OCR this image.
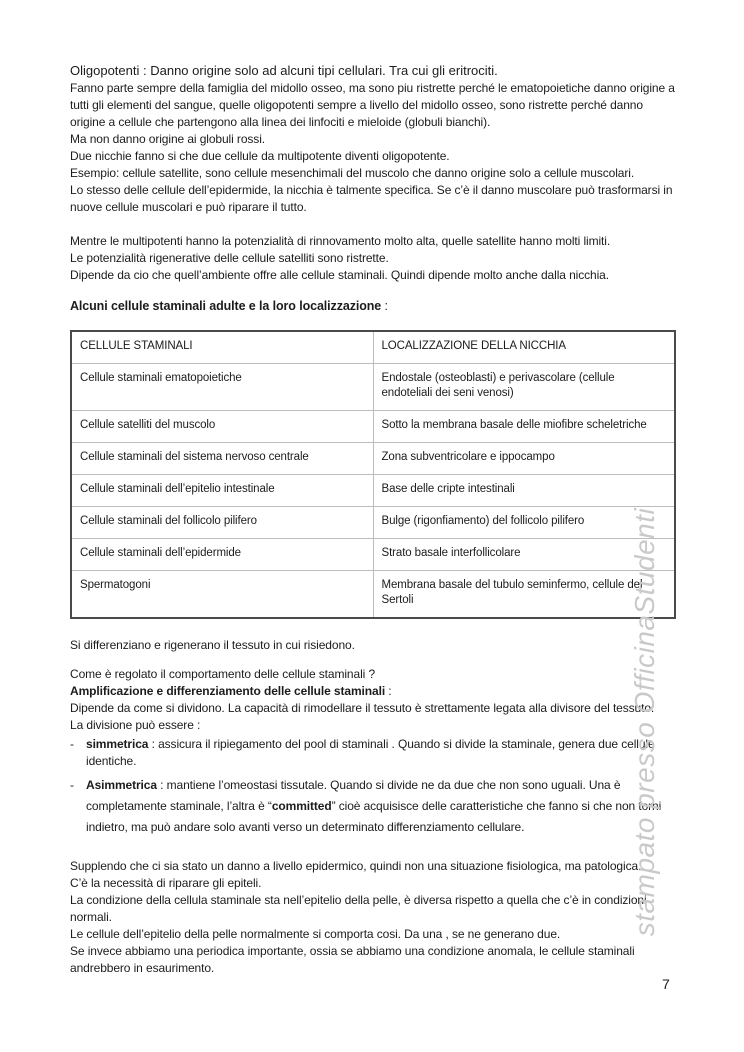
Oligopotenti : Danno origine solo ad alcuni tipi cellulari. Tra cui gli eritrociti.
Fanno parte sempre della famiglia del midollo osseo, ma sono piu ristrette perché le ematopoietiche danno origine a tutti gli elementi del sangue, quelle oligopotenti sempre a livello del midollo osseo, sono ristrette perché danno origine a cellule che partengono alla linea dei linfociti e mieloide (globuli bianchi).
Ma non danno origine ai globuli rossi.
Due nicchie fanno si che due cellule da multipotente diventi oligopotente.
Esempio: cellule satellite, sono cellule mesenchimali del muscolo che danno origine solo a cellule muscolari.
Lo stesso delle cellule dell’epidermide, la nicchia è talmente specifica. Se c’è il danno muscolare può trasformarsi in nuove cellule muscolari e può riparare il tutto.
Mentre le multipotenti hanno la potenzialità di rinnovamento molto alta, quelle satellite hanno molti limiti.
Le potenzialità rigenerative delle cellule satelliti sono ristrette.
Dipende da cio che quell’ambiente offre alle cellule staminali. Quindi dipende molto anche dalla nicchia.
Alcuni cellule staminali adulte e la loro localizzazione :
CELLULE STAMINALI	LOCALIZZAZIONE DELLA NICCHIA
Cellule staminali ematopoietiche	Endostale (osteoblasti) e perivascolare (cellule endoteliali dei seni venosi)
Cellule satelliti del muscolo	Sotto la membrana basale delle miofibre scheletriche
Cellule staminali del sistema nervoso centrale	Zona subventricolare e ippocampo
Cellule staminali dell’epitelio intestinale	Base delle cripte intestinali
Cellule staminali del follicolo pilifero	Bulge (rigonfiamento) del follicolo pilifero
Cellule staminali dell’epidermide	Strato basale interfollicolare
Spermatogoni	Membrana basale del tubulo seminfermo, cellule del Sertoli
Si differenziano e rigenerano il tessuto in cui risiedono.
Come è regolato il comportamento delle cellule staminali ?
Amplificazione e differenziamento delle cellule staminali :
Dipende da come si dividono. La capacità di rimodellare il tessuto è strettamente legata alla divisore del tessuto.
La divisione può essere :
-	simmetrica : assicura il ripiegamento del pool di staminali . Quando si divide la staminale, genera due cellule identiche.
-	Asimmetrica : mantiene l’omeostasi tissutale. Quando si divide ne da due che non sono uguali. Una è completamente staminale, l’altra è “committed” cioè acquisisce delle caratteristiche che fanno si che non torni indietro, ma può andare solo avanti verso un determinato differenziamento cellulare.
Supplendo che ci sia stato un danno a livello epidermico, quindi non una situazione fisiologica, ma patologica.
C’è la necessità di riparare gli epiteli.
La condizione della cellula staminale sta nell’epitelio della pelle, è diversa rispetto a quella che c’è in condizioni normali.
Le cellule dell’epitelio della pelle normalmente si comporta cosi. Da una , se ne generano due.
Se invece abbiamo una periodica importante, ossia se abbiamo una condizione anomala, le cellule staminali andrebbero in esaurimento.
stampato presso OfficinaStudenti
7
